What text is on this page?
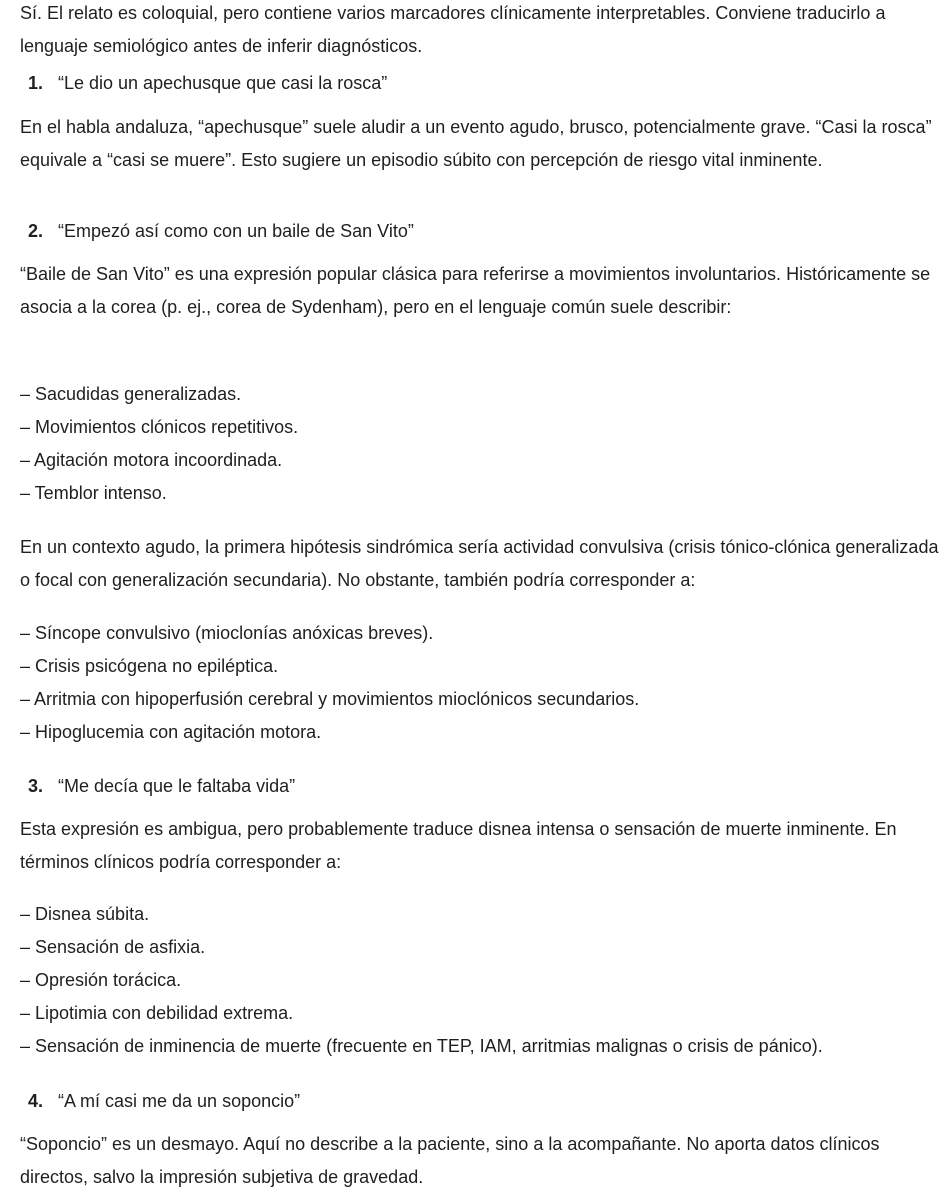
Sí. El relato es coloquial, pero contiene varios marcadores clínicamente interpretables. Conviene traducirlo a lenguaje semiológico antes de inferir diagnósticos.

1. “Le dio un apechusque que casi la rosca”

En el habla andaluza, “apechusque” suele aludir a un evento agudo, brusco, potencialmente grave. “Casi la rosca” equivale a “casi se muere”. Esto sugiere un episodio súbito con percepción de riesgo vital inminente.

2. “Empezó así como con un baile de San Vito”

“Baile de San Vito” es una expresión popular clásica para referirse a movimientos involuntarios. Históricamente se asocia a la corea (p. ej., corea de Sydenham), pero en el lenguaje común suele describir:

– Sacudidas generalizadas.
– Movimientos clónicos repetitivos.
– Agitación motora incoordinada.
– Temblor intenso.

En un contexto agudo, la primera hipótesis sindrómica sería actividad convulsiva (crisis tónico-clónica generalizada o focal con generalización secundaria). No obstante, también podría corresponder a:

– Síncope convulsivo (mioclonías anóxicas breves).
– Crisis psicógena no epiléptica.
– Arritmia con hipoperfusión cerebral y movimientos mioclónicos secundarios.
– Hipoglucemia con agitación motora.
3. “Me decía que le faltaba vida”

Esta expresión es ambigua, pero probablemente traduce disnea intensa o sensación de muerte inminente. En términos clínicos podría corresponder a:

– Disnea súbita.
– Sensación de asfixia.
– Opresión torácica.
– Lipotimia con debilidad extrema.
– Sensación de inminencia de muerte (frecuente en TEP, IAM, arritmias malignas o crisis de pánico).
4. “A mí casi me da un soponcio”

“Soponcio” es un desmayo. Aquí no describe a la paciente, sino a la acompañante. No aporta datos clínicos directos, salvo la impresión subjetiva de gravedad.
